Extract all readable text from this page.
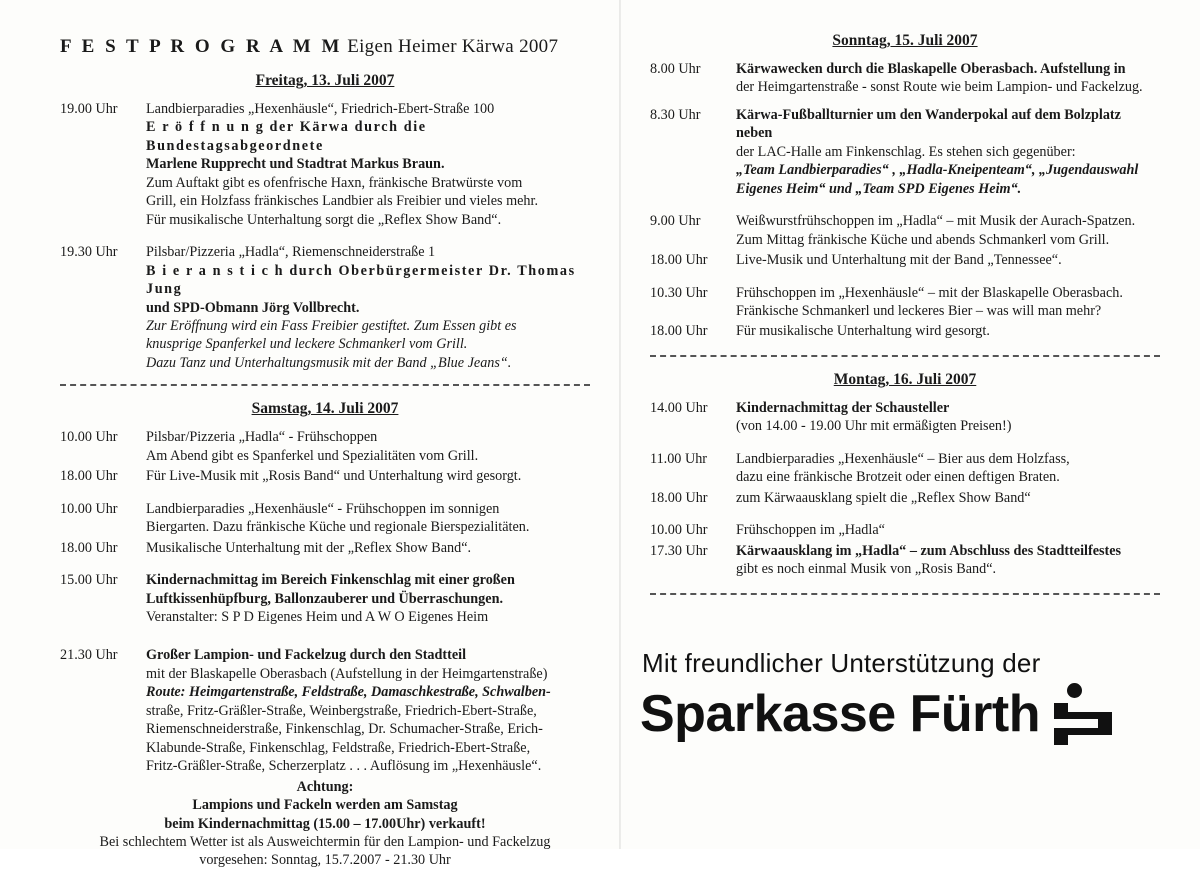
F E S T P R O G R A M M Eigen Heimer Kärwa 2007
Freitag, 13. Juli 2007
19.00 Uhr	Landbierparadies „Hexenhäusle“, Friedrich-Ebert-Straße 100
E r ö f f n u n g der Kärwa durch die Bundestagsabgeordnete
Marlene Rupprecht und Stadtrat Markus Braun.
Zum Auftakt gibt es ofenfrische Haxn, fränkische Bratwürste vom
Grill, ein Holzfass fränkisches Landbier als Freibier und vieles mehr.
Für musikalische Unterhaltung sorgt die „Reflex Show Band“.
19.30 Uhr	Pilsbar/Pizzeria „Hadla“, Riemenschneiderstraße 1
B i e r a n s t i c h durch Oberbürgermeister Dr. Thomas Jung
und SPD-Obmann Jörg Vollbrecht.
Zur Eröffnung wird ein Fass Freibier gestiftet. Zum Essen gibt es
knusprige Spanferkel und leckere Schmankerl vom Grill.
Dazu Tanz und Unterhaltungsmusik mit der Band „Blue Jeans“.
Samstag, 14. Juli 2007
10.00 Uhr	Pilsbar/Pizzeria „Hadla“ - Frühschoppen
Am Abend gibt es Spanferkel und Spezialitäten vom Grill.
18.00 Uhr	Für Live-Musik mit „Rosis Band“ und Unterhaltung wird gesorgt.
10.00 Uhr	Landbierparadies „Hexenhäusle“ - Frühschoppen im sonnigen
Biergarten. Dazu fränkische Küche und regionale Bierspezialitäten.
18.00 Uhr	Musikalische Unterhaltung mit der „Reflex Show Band“.
15.00 Uhr	Kindernachmittag im Bereich Finkenschlag mit einer großen
Luftkissenhüpfburg, Ballonzauberer und Überraschungen.
Veranstalter: S P D Eigenes Heim und A W O Eigenes Heim
21.30 Uhr	Großer Lampion- und Fackelzug durch den Stadtteil
mit der Blaskapelle Oberasbach (Aufstellung in der Heimgartenstraße)
Route: Heimgartenstraße, Feldstraße, Damaschkestraße, Schwalben-
straße, Fritz-Gräßler-Straße, Weinbergstraße, Friedrich-Ebert-Straße,
Riemenschneiderstraße, Finkenschlag, Dr. Schumacher-Straße, Erich-
Klabunde-Straße, Finkenschlag, Feldstraße, Friedrich-Ebert-Straße,
Fritz-Gräßler-Straße, Scherzerplatz . . . Auflösung im „Hexenhäusle“.
Achtung:
Lampions und Fackeln werden am Samstag
beim Kindernachmittag (15.00 – 17.00Uhr) verkauft!
Bei schlechtem Wetter ist als Ausweichtermin für den Lampion- und Fackelzug
vorgesehen: Sonntag, 15.7.2007 - 21.30 Uhr
Sonntag, 15. Juli 2007
8.00 Uhr	Kärwawecken durch die Blaskapelle Oberasbach. Aufstellung in
der Heimgartenstraße - sonst Route wie beim Lampion- und Fackelzug.
8.30 Uhr	Kärwa-Fußballturnier um den Wanderpokal auf dem Bolzplatz neben
der LAC-Halle am Finkenschlag. Es stehen sich gegenüber:
„Team Landbierparadies“ , „Hadla-Kneipenteam“, „Jugendauswahl
Eigenes Heim“ und „Team SPD Eigenes Heim“.
9.00 Uhr	Weißwurstfrühschoppen im „Hadla“ – mit Musik der Aurach-Spatzen.
Zum Mittag fränkische Küche und abends Schmankerl vom Grill.
18.00 Uhr	Live-Musik und Unterhaltung mit der Band „Tennessee“.
10.30 Uhr	Frühschoppen im „Hexenhäusle“ – mit der Blaskapelle Oberasbach.
Fränkische Schmankerl und leckeres Bier – was will man mehr?
18.00 Uhr	Für musikalische Unterhaltung wird gesorgt.
Montag, 16. Juli 2007
14.00 Uhr	Kindernachmittag der Schausteller
(von 14.00 - 19.00 Uhr mit ermäßigten Preisen!)
11.00 Uhr	Landbierparadies „Hexenhäusle“ – Bier aus dem Holzfass,
dazu eine fränkische Brotzeit oder einen deftigen Braten.
18.00 Uhr	zum Kärwaausklang spielt die „Reflex Show Band“
10.00 Uhr	Frühschoppen im „Hadla“
17.30 Uhr	Kärwaausklang im „Hadla“ – zum Abschluss des Stadtteilfestes
gibt es noch einmal Musik von „Rosis Band“.
Mit freundlicher Unterstützung der
Sparkasse Fürth
